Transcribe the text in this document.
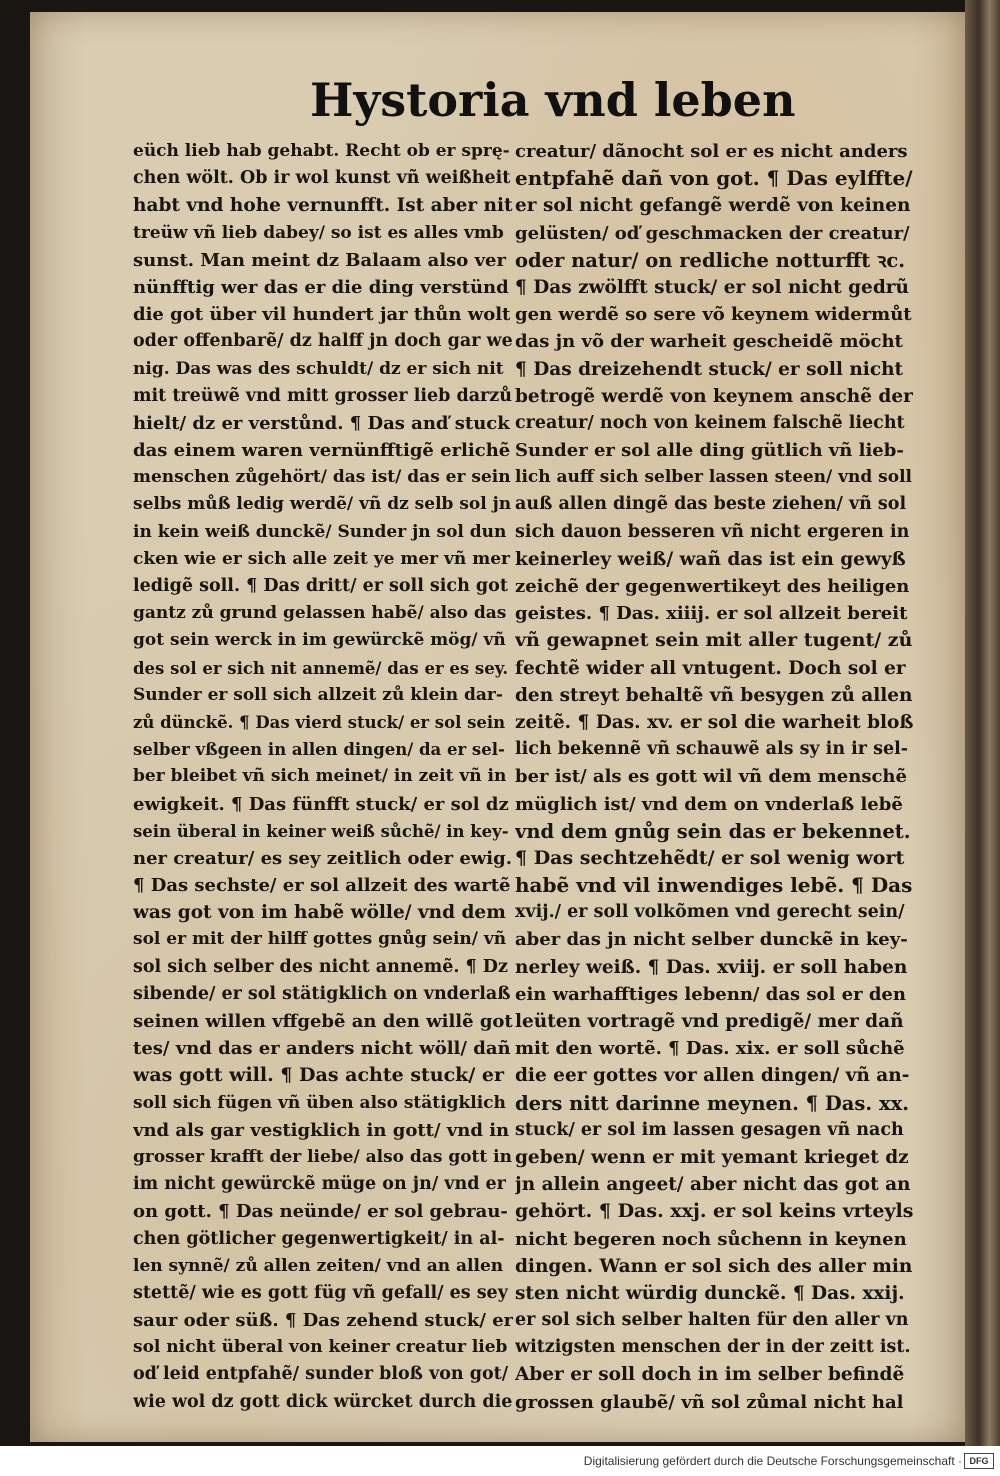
Hystoria vnd leben
eüch lieb hab gehabt. Recht ob er sprę-
chen wölt. Ob ir wol kunst vñ weißheit
habt vnd hohe vernunfft. Ist aber nit
treüw vñ lieb dabey/ so ist es alles vmb
sunst. Man meint dz Balaam also ver
nünfftig wer das er die ding verstünd
die got über vil hundert jar thůn wolt
oder offenbarẽ/ dz halff jn doch gar we
nig. Das was des schuldt/ dz er sich nit
mit treüwẽ vnd mitt grosser lieb darzů
hielt/ dz er verstůnd. ¶ Das anď stuck
das einem waren vernünfftigẽ erlichẽ
menschen zůgehört/ das ist/ das er sein
selbs můß ledig werdẽ/ vñ dz selb sol jn
in kein weiß dunckẽ/ Sunder jn sol dun
cken wie er sich alle zeit ye mer vñ mer
ledigẽ soll. ¶ Das dritt/ er soll sich got
gantz zů grund gelassen habẽ/ also das
got sein werck in im gewürckẽ mög/ vñ
des sol er sich nit annemẽ/ das er es sey.
Sunder er soll sich allzeit zů klein dar-
zů dünckẽ. ¶ Das vierd stuck/ er sol sein
selber vßgeen in allen dingen/ da er sel-
ber bleibet vñ sich meinet/ in zeit vñ in
ewigkeit. ¶ Das fünfft stuck/ er sol dz
sein überal in keiner weiß sůchẽ/ in key-
ner creatur/ es sey zeitlich oder ewig.
¶ Das sechste/ er sol allzeit des wartẽ
was got von im habẽ wölle/ vnd dem
sol er mit der hilff gottes gnůg sein/ vñ
sol sich selber des nicht annemẽ. ¶ Dz
sibende/ er sol stätigklich on vnderlaß
seinen willen vffgebẽ an den willẽ got
tes/ vnd das er anders nicht wöll/ dañ
was gott will. ¶ Das achte stuck/ er
soll sich fügen vñ üben also stätigklich
vnd als gar vestigklich in gott/ vnd in
grosser krafft der liebe/ also das gott in
im nicht gewürckẽ müge on jn/ vnd er
on gott. ¶ Das neünde/ er sol gebrau-
chen götlicher gegenwertigkeit/ in al-
len synnẽ/ zů allen zeiten/ vnd an allen
stettẽ/ wie es gott füg vñ gefall/ es sey
saur oder süß. ¶ Das zehend stuck/ er
sol nicht überal von keiner creatur lieb
oď leid entpfahẽ/ sunder bloß von got/
wie wol dz gott dick würcket durch die
creatur/ dãnocht sol er es nicht anders
entpfahẽ dañ von got. ¶ Das eylffte/
er sol nicht gefangẽ werdẽ von keinen
gelüsten/ oď geschmacken der creatur/
oder natur/ on redliche notturfft ꝛc.
¶ Das zwölfft stuck/ er sol nicht gedrũ
gen werdẽ so sere võ keynem widermůt
das jn võ der warheit gescheidẽ möcht
¶ Das dreizehendt stuck/ er soll nicht
betrogẽ werdẽ von keynem anschẽ der
creatur/ noch von keinem falschẽ liecht
Sunder er sol alle ding gütlich vñ lieb-
lich auff sich selber lassen steen/ vnd soll
auß allen dingẽ das beste ziehen/ vñ sol
sich dauon besseren vñ nicht ergeren in
keinerley weiß/ wañ das ist ein gewyß
zeichẽ der gegenwertikeyt des heiligen
geistes. ¶ Das. xiiij. er sol allzeit bereit
vñ gewapnet sein mit aller tugent/ zů
fechtẽ wider all vntugent. Doch sol er
den streyt behaltẽ vñ besygen zů allen
zeitẽ. ¶ Das. xv. er sol die warheit bloß
lich bekennẽ vñ schauwẽ als sy in ir sel-
ber ist/ als es gott wil vñ dem menschẽ
müglich ist/ vnd dem on vnderlaß lebẽ
vnd dem gnůg sein das er bekennet.
¶ Das sechtzehẽdt/ er sol wenig wort
habẽ vnd vil inwendiges lebẽ. ¶ Das
xvij./ er soll volkõmen vnd gerecht sein/
aber das jn nicht selber dunckẽ in key-
nerley weiß. ¶ Das. xviij. er soll haben
ein warhafftiges lebenn/ das sol er den
leüten vortragẽ vnd predigẽ/ mer dañ
mit den wortẽ. ¶ Das. xix. er soll sůchẽ
die eer gottes vor allen dingen/ vñ an-
ders nitt darinne meynen. ¶ Das. xx.
stuck/ er sol im lassen gesagen vñ nach
geben/ wenn er mit yemant krieget dz
jn allein angeet/ aber nicht das got an
gehört. ¶ Das. xxj. er sol keins vrteyls
nicht begeren noch sůchenn in keynen
dingen. Wann er sol sich des aller min
sten nicht würdig dunckẽ. ¶ Das. xxij.
er sol sich selber halten für den aller vn
witzigsten menschen der in der zeitt ist.
Aber er soll doch in im selber befindẽ
grossen glaubẽ/ vñ sol zůmal nicht hal
Digitalisierung gefördert durch die Deutsche Forschungsgemeinschaft · DFG
